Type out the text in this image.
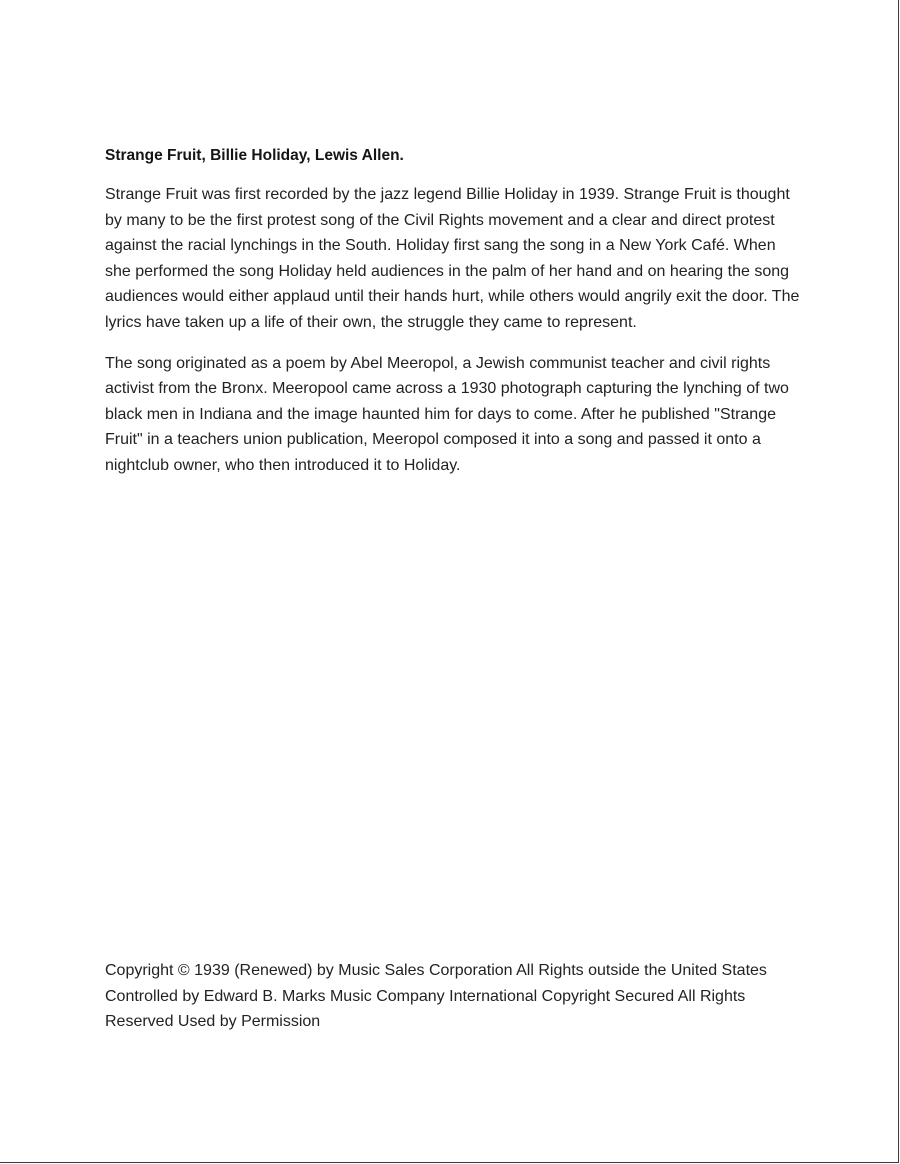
Strange Fruit, Billie Holiday, Lewis Allen.

Strange Fruit was first recorded by the jazz legend Billie Holiday in 1939. Strange Fruit is thought by many to be the first protest song of the Civil Rights movement and a clear and direct protest against the racial lynchings in the South. Holiday first sang the song in a New York Café. When she performed the song Holiday held audiences in the palm of her hand and on hearing the song audiences would either applaud until their hands hurt, while others would angrily exit the door. The lyrics have taken up a life of their own, the struggle they came to represent.

The song originated as a poem by Abel Meeropol, a Jewish communist teacher and civil rights activist from the Bronx. Meeropool came across a 1930 photograph capturing the lynching of two black men in Indiana and the image haunted him for days to come. After he published "Strange Fruit" in a teachers union publication, Meeropol composed it into a song and passed it onto a nightclub owner, who then introduced it to Holiday.

Copyright © 1939 (Renewed) by Music Sales Corporation All Rights outside the United States Controlled by Edward B. Marks Music Company International Copyright Secured All Rights Reserved Used by Permission
